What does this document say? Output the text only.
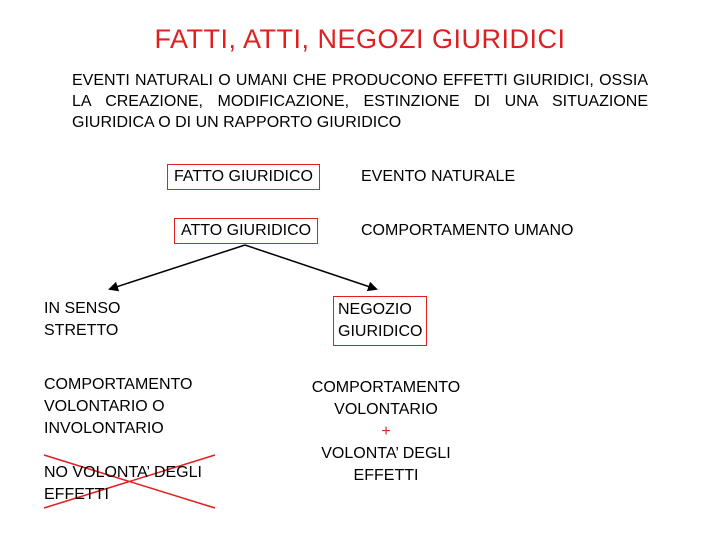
FATTI, ATTI, NEGOZI GIURIDICI
EVENTI NATURALI O UMANI CHE PRODUCONO EFFETTI GIURIDICI, OSSIA LA CREAZIONE, MODIFICAZIONE, ESTINZIONE DI UNA SITUAZIONE GIURIDICA O DI UN RAPPORTO GIURIDICO
FATTO GIURIDICO	EVENTO NATURALE
ATTO GIURIDICO	COMPORTAMENTO UMANO
IN SENSO
STRETTO
COMPORTAMENTO
VOLONTARIO O
INVOLONTARIO
NO VOLONTA’ DEGLI
EFFETTI
NEGOZIO
GIURIDICO
COMPORTAMENTO
VOLONTARIO
+
VOLONTA’ DEGLI
EFFETTI
